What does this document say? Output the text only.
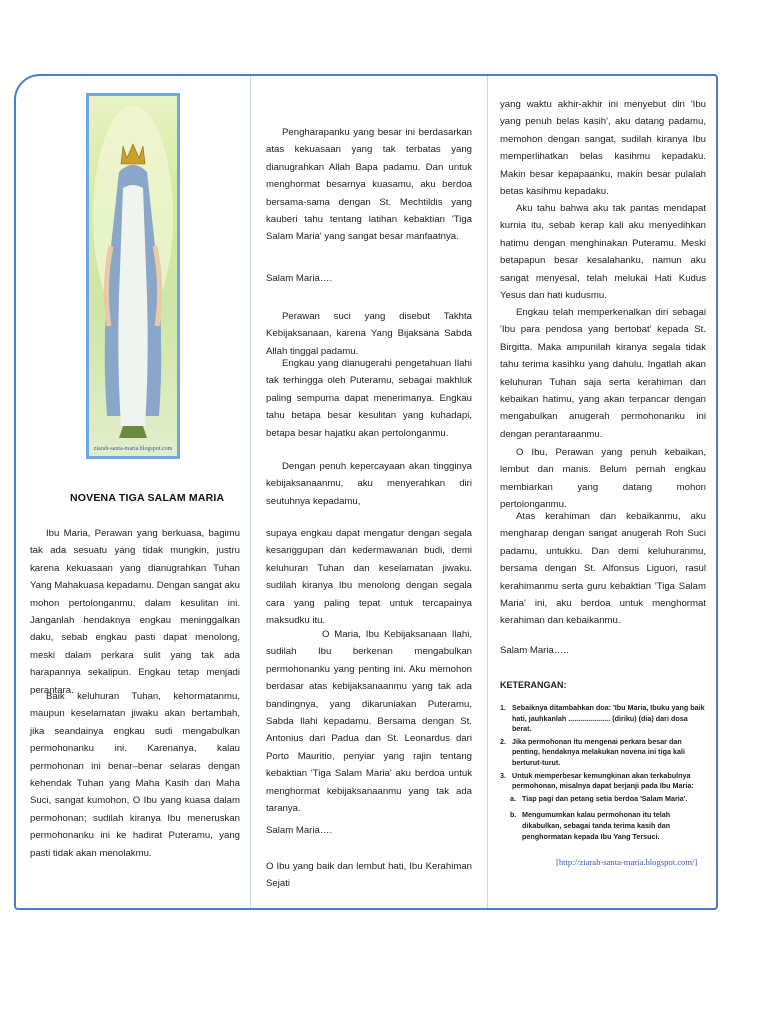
ziarah-santa-maria.blogspot.com
NOVENA TIGA SALAM MARIA

Ibu Maria, Perawan yang berkuasa, bagimu tak ada sesuatu yang tidak mungkin, justru karena kekuasaan yang dianugrahkan Tuhan Yang Mahakuasa kepadamu. Dengan sangat aku mohon pertolonganmu, dalam kesulitan ini. Janganlah hendaknya engkau meninggalkan daku, sebab engkau pasti dapat menolong, meski dalam perkara sulit yang tak ada harapannya sekalipun. Engkau tetap menjadi perantara.

Baik keluhuran Tuhan, kehormatanmu, maupun keselamatan jiwaku akan bertambah, jika seandainya engkau sudi mengabulkan permohonanku ini. Karenanya, kalau permohonan ini benar–benar selaras dengan kehendak Tuhan yang Maha Kasih dan Maha Suci, sangat kumohon, O Ibu yang kuasa dalam permohonan; sudilah kiranya Ibu meneruskan permohonanku ini ke hadirat Puteramu, yang pasti tidak akan menolakmu.

Pengharapanku yang besar ini berdasarkan atas kekuasaan yang tak terbatas yang dianugrahkan Allah Bapa padamu. Dan untuk menghormat besarnya kuasamu, aku berdoa bersama-sama dengan St. Mechtildis yang kauberi tahu tentang latihan kebaktian 'Tiga Salam Maria' yang sangat besar manfaatnya.

Salam Maria….

Perawan suci yang disebut Takhta Kebijaksanaan, karena Yang Bijaksana Sabda Allah tinggal padamu.

Engkau yang dianugerahi pengetahuan Ilahi tak terhingga oleh Puteramu, sebagai makhluk paling sempurna dapat menerimanya. Engkau tahu betapa besar kesulitan yang kuhadapi, betapa besar hajatku akan pertolonganmu.

Dengan penuh kepercayaan akan tingginya kebijaksanaanmu, aku menyerahkan diri seutuhnya kepadamu,

supaya engkau dapat mengatur dengan segala kesanggupan dan kedermawanan budi, demi keluhuran Tuhan dan keselamatan jiwaku. sudilah kiranya Ibu menolong dengan segala cara yang paling tepat untuk tercapainya maksudku itu.

O Maria, Ibu Kebijaksanaan Ilahi, sudilah Ibu berkenan mengabulkan permohonanku yang penting ini. Aku memohon berdasar atas kebijaksanaanmu yang tak ada bandingnya, yang dikaruniakan Puteramu, Sabda Ilahi kepadamu. Bersama dengan St. Antonius dari Padua dan St. Leonardus dari Porto Mauritio, penyiar yang rajin tentang kebaktian 'Tiga Salam Maria' aku berdoa untuk menghormat kebijaksanaanmu yang tak ada taranya.

Salam Maria….

O Ibu yang baik dan lembut hati, Ibu Kerahiman Sejati

yang waktu akhir-akhir ini menyebut diri 'Ibu yang penuh belas kasih', aku datang padamu, memohon dengan sangat, sudilah kiranya Ibu memperlihatkan belas kasihmu kepadaku. Makin besar kepapaanku, makin besar pulalah betas kasihmu kepadaku.

Aku tahu bahwa aku tak pantas mendapat kurnia itu, sebab kerap kali aku menyedihkan hatimu dengan menghinakan Puteramu. Meski betapapun besar kesalahanku, namun aku sangat menyesal, telah melukai Hati Kudus Yesus dan hati kudusmu.

Engkau telah memperkenalkan diri sebagai 'Ibu para pendosa yang bertobat' kepada St. Birgitta. Maka ampunilah kiranya segala tidak tahu terima kasihku yang dahulu. Ingatlah akan keluhuran Tuhan saja serta kerahiman dan kebaikan hatimu, yang akan terpancar dengan mengabulkan anugerah permohonanku ini dengan perantaraanmu.

O Ibu, Perawan yang penuh kebaikan, lembut dan manis. Belum pernah engkau membiarkan yang datang mohon pertolonganmu.

Atas kerahiman dan kebaikanmu, aku mengharap dengan sangat anugerah Roh Suci padamu, untukku. Dan demi keluhuranmu, bersama dengan St. Alfonsus Liguori, rasul kerahimanmu serta guru kebaktian 'Tiga Salam Maria' ini, aku berdoa untuk menghormat kerahiman dan kebaikanmu.

Salam Maria…..

KETERANGAN:
1. Sebaiknya ditambahkan doa: 'Ibu Maria, Ibuku yang baik hati, jauhkanlah ..................... (diriku) (dia) dari dosa berat.
2. Jika permohonan itu mengenai perkara besar dan penting, hendaknya melakukan novena ini tiga kali berturut-turut.
3. Untuk memperbesar kemungkinan akan terkabulnya permohonan, misalnya dapat berjanji pada Ibu Maria:
a. Tiap pagi dan petang setia berdoa 'Salam Maria'.
b. Mengumumkan kalau permohonan itu telah dikabulkan, sebagai tanda terima kasih dan penghormatan kepada Ibu Yang Tersuci.
[http://ziarah-santa-maria.blogspot.com/]
